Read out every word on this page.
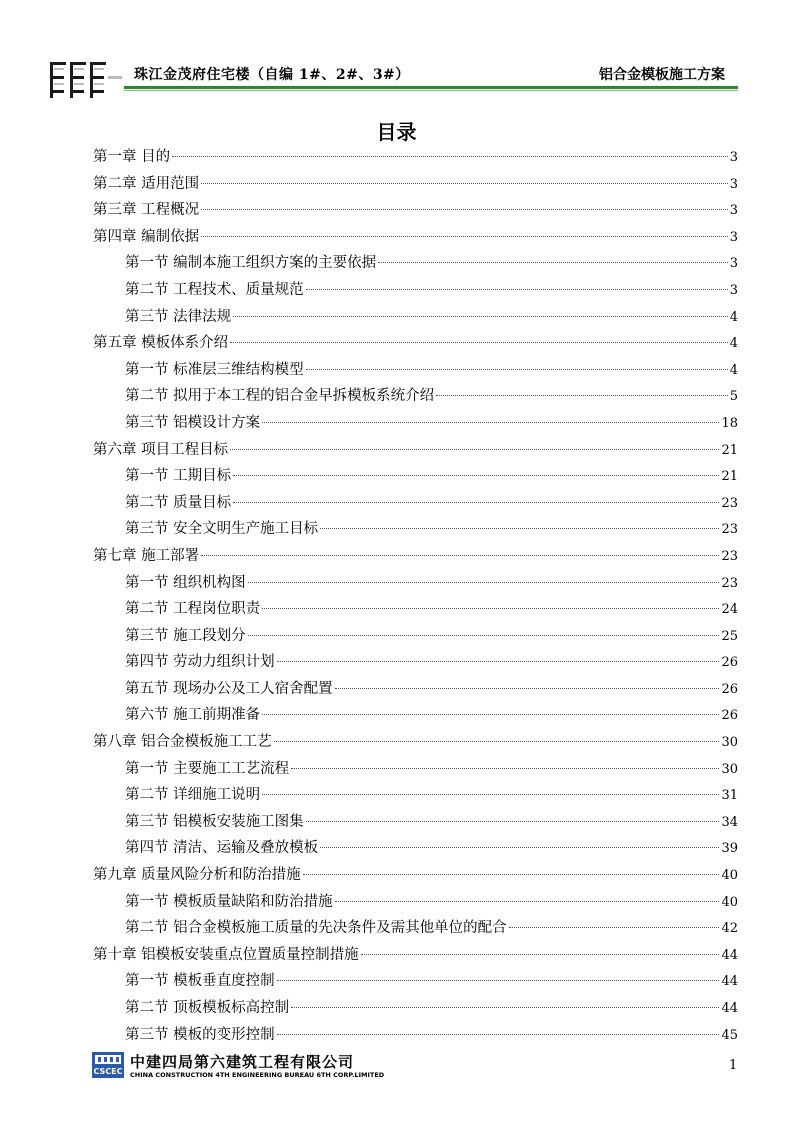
珠江金茂府住宅楼（自编 1#、2#、3#）	铝合金模板施工方案
目录
第一章 目的	3
第二章 适用范围	3
第三章 工程概况	3
第四章 编制依据	3
第一节 编制本施工组织方案的主要依据	3
第二节 工程技术、质量规范	3
第三节 法律法规	4
第五章 模板体系介绍	4
第一节 标准层三维结构模型	4
第二节 拟用于本工程的铝合金早拆模板系统介绍	5
第三节 铝模设计方案	18
第六章 项目工程目标	21
第一节 工期目标	21
第二节 质量目标	23
第三节 安全文明生产施工目标	23
第七章 施工部署	23
第一节 组织机构图	23
第二节 工程岗位职责	24
第三节 施工段划分	25
第四节 劳动力组织计划	26
第五节 现场办公及工人宿舍配置	26
第六节 施工前期准备	26
第八章 铝合金模板施工工艺	30
第一节 主要施工工艺流程	30
第二节 详细施工说明	31
第三节 铝模板安装施工图集	34
第四节 清洁、运输及叠放模板	39
第九章 质量风险分析和防治措施	40
第一节 模板质量缺陷和防治措施	40
第二节 铝合金模板施工质量的先决条件及需其他单位的配合	42
第十章 铝模板安装重点位置质量控制措施	44
第一节 模板垂直度控制	44
第二节 顶板模板标高控制	44
第三节 模板的变形控制	45
CSCEC
中建四局第六建筑工程有限公司
CHINA CONSTRUCTION 4TH ENGINEERING BUREAU 6TH CORP.LIMITED
1
